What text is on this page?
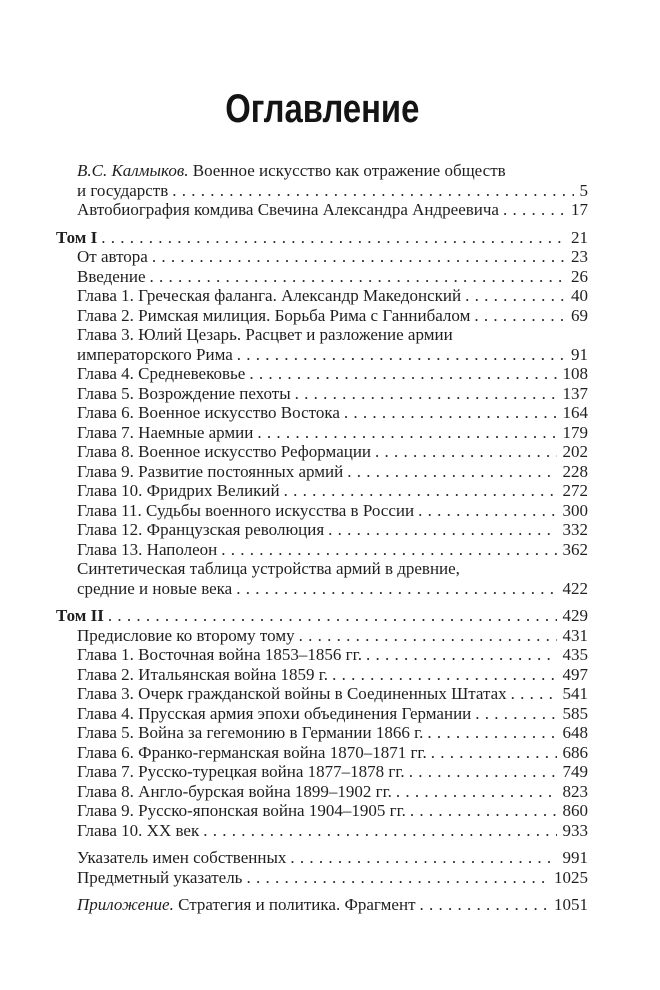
Оглавление
В.С. Калмыков. Военное искусство как отражение обществ
и государств . . .	5
Автобиография комдива Свечина Александра Андреевича . . .	17
Том I . . .	21
От автора . . .	23
Введение . . .	26
Глава 1. Греческая фаланга. Александр Македонский . . .	40
Глава 2. Римская милиция. Борьба Рима с Ганнибалом . . .	69
Глава 3. Юлий Цезарь. Расцвет и разложение армии
императорского Рима . . .	91
Глава 4. Средневековье . . .	108
Глава 5. Возрождение пехоты . . .	137
Глава 6. Военное искусство Востока . . .	164
Глава 7. Наемные армии . . .	179
Глава 8. Военное искусство Реформации . . .	202
Глава 9. Развитие постоянных армий . . .	228
Глава 10. Фридрих Великий . . .	272
Глава 11. Судьбы военного искусства в России . . .	300
Глава 12. Французская революция . . .	332
Глава 13. Наполеон . . .	362
Синтетическая таблица устройства армий в древние,
средние и новые века . . .	422
Том II . . .	429
Предисловие ко второму тому . . .	431
Глава 1. Восточная война 1853–1856 гг. . . .	435
Глава 2. Итальянская война 1859 г. . . .	497
Глава 3. Очерк гражданской войны в Соединенных Штатах . . .	541
Глава 4. Прусская армия эпохи объединения Германии . . .	585
Глава 5. Война за гегемонию в Германии 1866 г. . . .	648
Глава 6. Франко-германская война 1870–1871 гг. . . .	686
Глава 7. Русско-турецкая война 1877–1878 гг. . . .	749
Глава 8. Англо-бурская война 1899–1902 гг. . . .	823
Глава 9. Русско-японская война 1904–1905 гг. . . .	860
Глава 10. XX век . . .	933
Указатель имен собственных . . .	991
Предметный указатель . . .	1025
Приложение. Стратегия и политика. Фрагмент . . .	1051
